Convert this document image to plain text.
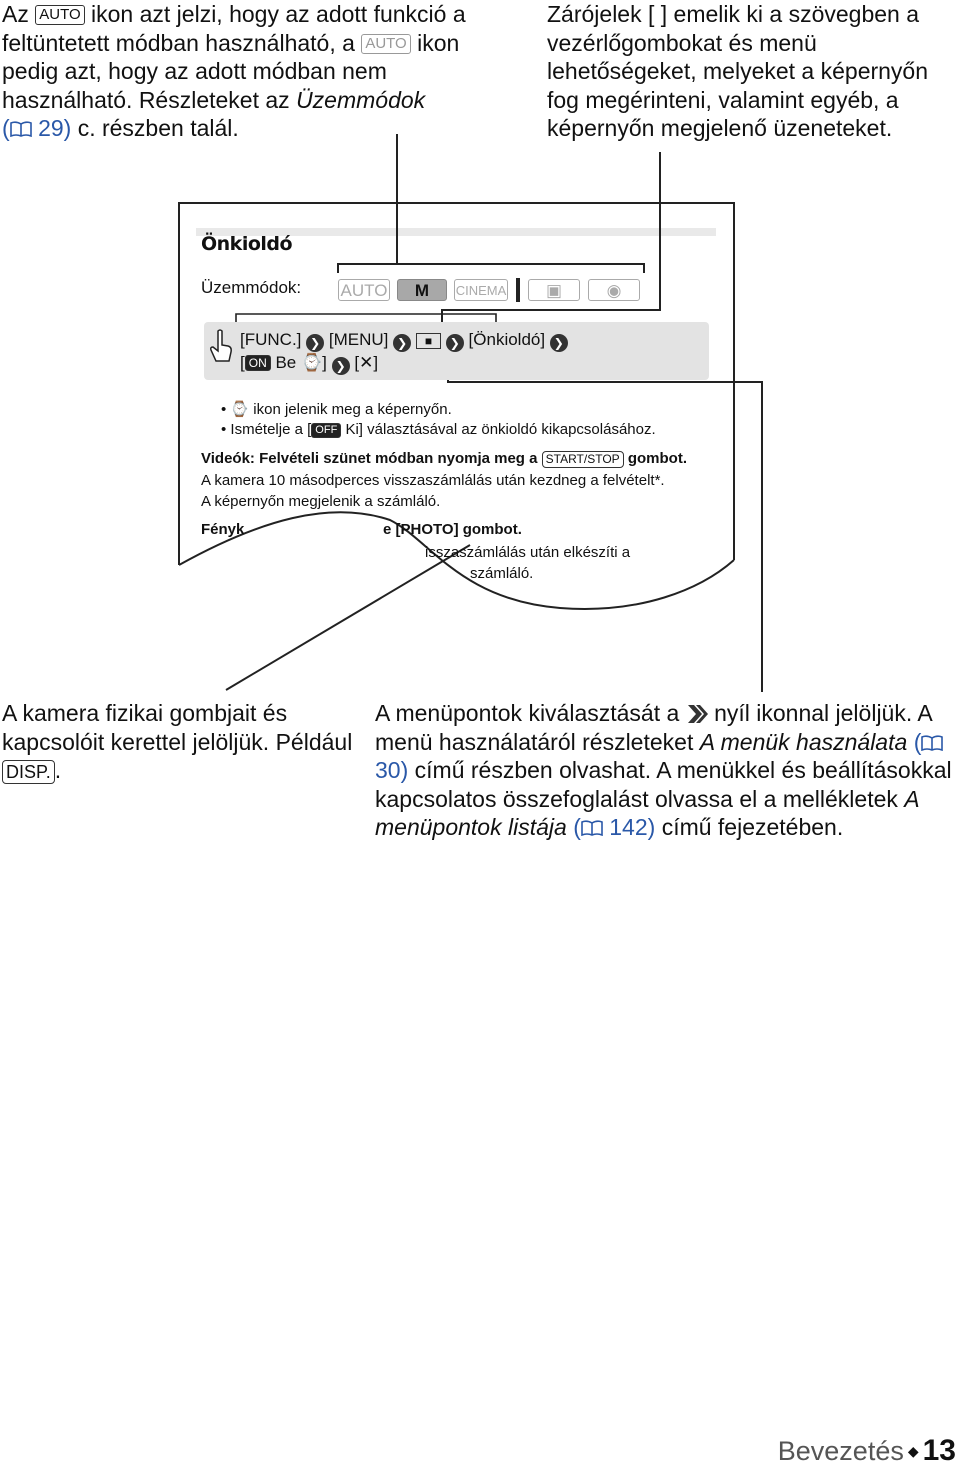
Az AUTO ikon azt jelzi, hogy az adott funkció a feltüntetett módban használható, a AUTO ikon pedig azt, hogy az adott módban nem használható. Részleteket az Üzemmódok
( 29) c. részben talál.
Zárójelek [ ] emelik ki a szövegben a vezérlőgombokat és menü lehetőségeket, melyeket a képernyőn fog megérinteni, valamint egyéb, a képernyőn megjelenő üzeneteket.
Önkioldó
Üzemmódok: AUTO	M	CINEMA	▣	◉
[FUNC.] ❯ [MENU] ❯ ■ ❯ [Önkioldó] ❯
[ ON Be ⌚] ❯ [✕]
• ⌚ ikon jelenik meg a képernyőn.
• Ismételje a [ OFF Ki] választásával az önkioldó kikapcsolásához.
Videók: Felvételi szünet módban nyomja meg a START/STOP gombot.
A kamera 10 másodperces visszaszámlálás után kezdneg a felvételt*.
A képernyőn megjelenik a számláló.
Fényk	e [PHOTO] gombot.
isszaszámlálás után elkészíti a
számláló.
A kamera fizikai gombjait és kapcsolóit kerettel jelöljük. Például DISP. .
A menüpontok kiválasztását a nyíl ikonnal jelöljük. A menü használatáról részleteket A menük használata ( 30) című részben olvashat. A menükkel és beállításokkal kapcsolatos összefoglalást olvassa el a mellékletek A menüpontok listája ( 142) című fejezetében.
Bevezetés ◆ 13
